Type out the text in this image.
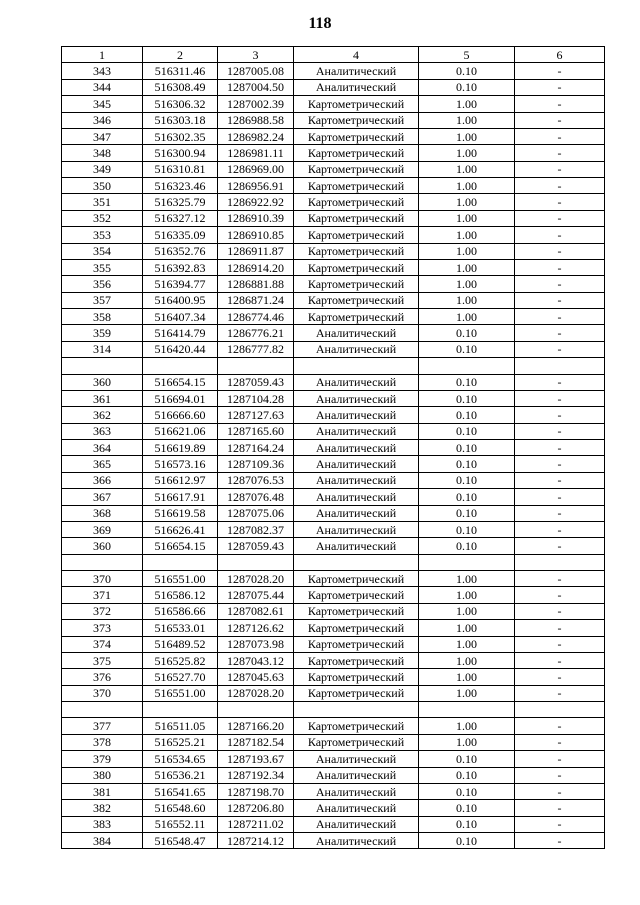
118
1	2	3	4	5	6
343	516311.46	1287005.08	Аналитический	0.10	-
344	516308.49	1287004.50	Аналитический	0.10	-
345	516306.32	1287002.39	Картометрический	1.00	-
346	516303.18	1286988.58	Картометрический	1.00	-
347	516302.35	1286982.24	Картометрический	1.00	-
348	516300.94	1286981.11	Картометрический	1.00	-
349	516310.81	1286969.00	Картометрический	1.00	-
350	516323.46	1286956.91	Картометрический	1.00	-
351	516325.79	1286922.92	Картометрический	1.00	-
352	516327.12	1286910.39	Картометрический	1.00	-
353	516335.09	1286910.85	Картометрический	1.00	-
354	516352.76	1286911.87	Картометрический	1.00	-
355	516392.83	1286914.20	Картометрический	1.00	-
356	516394.77	1286881.88	Картометрический	1.00	-
357	516400.95	1286871.24	Картометрический	1.00	-
358	516407.34	1286774.46	Картометрический	1.00	-
359	516414.79	1286776.21	Аналитический	0.10	-
314	516420.44	1286777.82	Аналитический	0.10	-

360	516654.15	1287059.43	Аналитический	0.10	-
361	516694.01	1287104.28	Аналитический	0.10	-
362	516666.60	1287127.63	Аналитический	0.10	-
363	516621.06	1287165.60	Аналитический	0.10	-
364	516619.89	1287164.24	Аналитический	0.10	-
365	516573.16	1287109.36	Аналитический	0.10	-
366	516612.97	1287076.53	Аналитический	0.10	-
367	516617.91	1287076.48	Аналитический	0.10	-
368	516619.58	1287075.06	Аналитический	0.10	-
369	516626.41	1287082.37	Аналитический	0.10	-
360	516654.15	1287059.43	Аналитический	0.10	-

370	516551.00	1287028.20	Картометрический	1.00	-
371	516586.12	1287075.44	Картометрический	1.00	-
372	516586.66	1287082.61	Картометрический	1.00	-
373	516533.01	1287126.62	Картометрический	1.00	-
374	516489.52	1287073.98	Картометрический	1.00	-
375	516525.82	1287043.12	Картометрический	1.00	-
376	516527.70	1287045.63	Картометрический	1.00	-
370	516551.00	1287028.20	Картометрический	1.00	-

377	516511.05	1287166.20	Картометрический	1.00	-
378	516525.21	1287182.54	Картометрический	1.00	-
379	516534.65	1287193.67	Аналитический	0.10	-
380	516536.21	1287192.34	Аналитический	0.10	-
381	516541.65	1287198.70	Аналитический	0.10	-
382	516548.60	1287206.80	Аналитический	0.10	-
383	516552.11	1287211.02	Аналитический	0.10	-
384	516548.47	1287214.12	Аналитический	0.10	-
